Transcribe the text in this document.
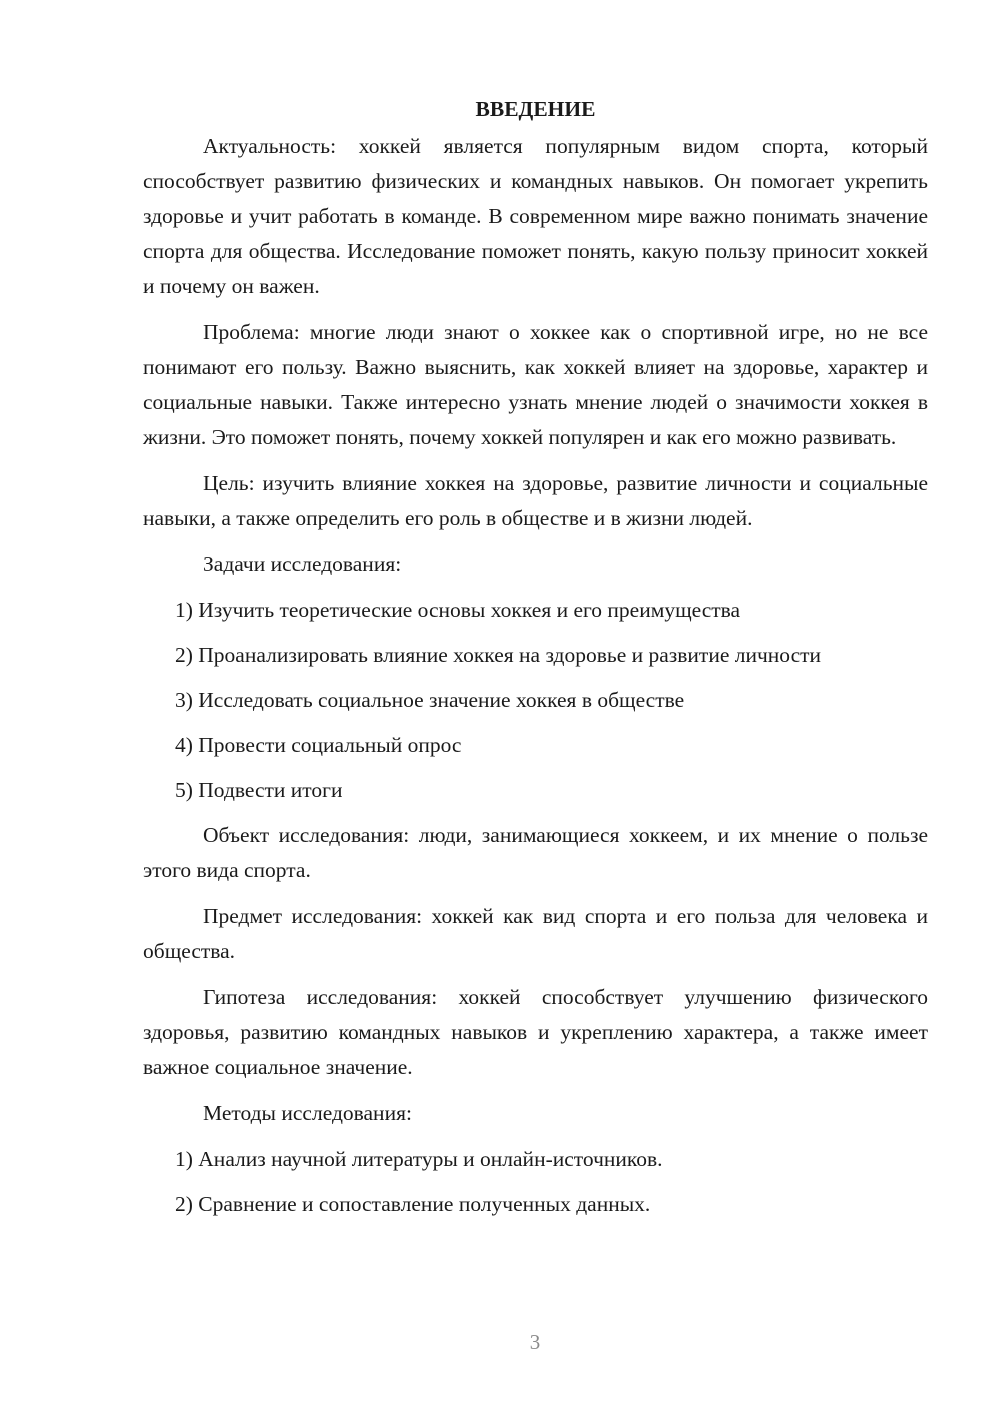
ВВЕДЕНИЕ

Актуальность: хоккей является популярным видом спорта, который способствует развитию физических и командных навыков. Он помогает укрепить здоровье и учит работать в команде. В современном мире важно понимать значение спорта для общества. Исследование поможет понять, какую пользу приносит хоккей и почему он важен.

Проблема: многие люди знают о хоккее как о спортивной игре, но не все понимают его пользу. Важно выяснить, как хоккей влияет на здоровье, характер и социальные навыки. Также интересно узнать мнение людей о значимости хоккея в жизни. Это поможет понять, почему хоккей популярен и как его можно развивать.

Цель: изучить влияние хоккея на здоровье, развитие личности и социальные навыки, а также определить его роль в обществе и в жизни людей.

Задачи исследования:

1) Изучить теоретические основы хоккея и его преимущества
2) Проанализировать влияние хоккея на здоровье и развитие личности
3) Исследовать социальное значение хоккея в обществе
4) Провести социальный опрос
5) Подвести итоги

Объект исследования: люди, занимающиеся хоккеем, и их мнение о пользе этого вида спорта.

Предмет исследования: хоккей как вид спорта и его польза для человека и общества.

Гипотеза исследования: хоккей способствует улучшению физического здоровья, развитию командных навыков и укреплению характера, а также имеет важное социальное значение.

Методы исследования:

1) Анализ научной литературы и онлайн-источников.
2) Сравнение и сопоставление полученных данных.
3
